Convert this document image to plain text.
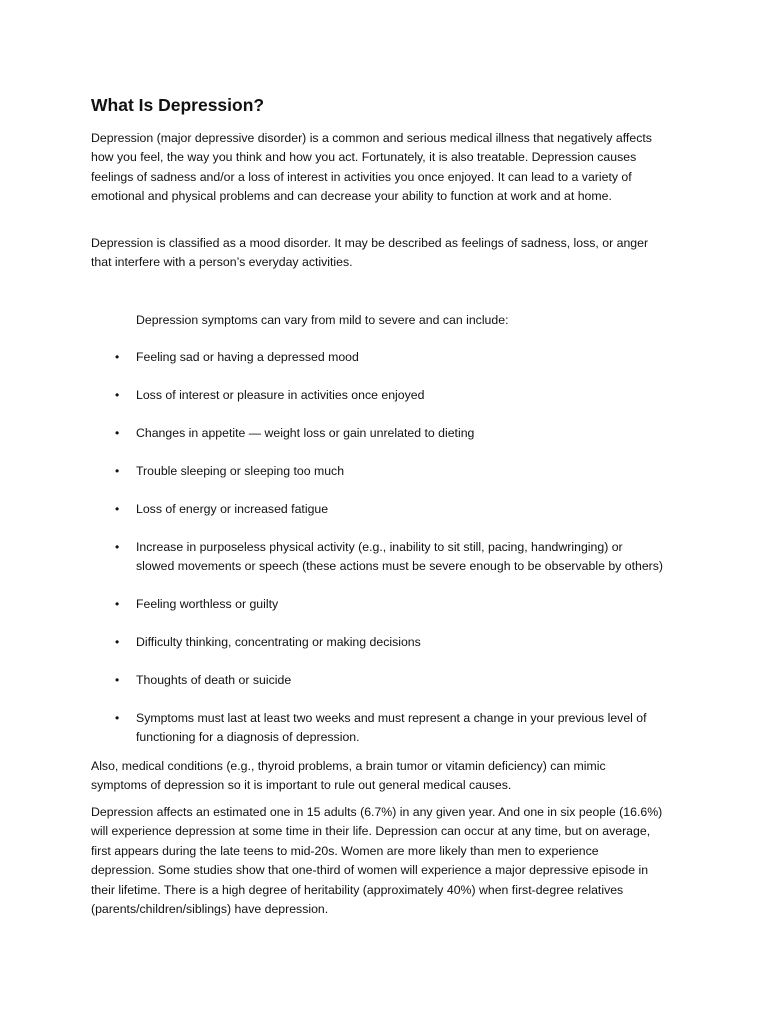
What Is Depression?

Depression (major depressive disorder) is a common and serious medical illness that negatively affects
how you feel, the way you think and how you act. Fortunately, it is also treatable. Depression causes
feelings of sadness and/or a loss of interest in activities you once enjoyed. It can lead to a variety of
emotional and physical problems and can decrease your ability to function at work and at home.

Depression is classified as a mood disorder. It may be described as feelings of sadness, loss, or anger
that interfere with a person’s everyday activities.

Depression symptoms can vary from mild to severe and can include:

•	Feeling sad or having a depressed mood
•	Loss of interest or pleasure in activities once enjoyed
•	Changes in appetite — weight loss or gain unrelated to dieting
•	Trouble sleeping or sleeping too much
•	Loss of energy or increased fatigue
•	Increase in purposeless physical activity (e.g., inability to sit still, pacing, handwringing) or
slowed movements or speech (these actions must be severe enough to be observable by others)
•	Feeling worthless or guilty
•	Difficulty thinking, concentrating or making decisions
•	Thoughts of death or suicide
•	Symptoms must last at least two weeks and must represent a change in your previous level of
functioning for a diagnosis of depression.

Also, medical conditions (e.g., thyroid problems, a brain tumor or vitamin deficiency) can mimic
symptoms of depression so it is important to rule out general medical causes.

Depression affects an estimated one in 15 adults (6.7%) in any given year. And one in six people (16.6%)
will experience depression at some time in their life. Depression can occur at any time, but on average,
first appears during the late teens to mid-20s. Women are more likely than men to experience
depression. Some studies show that one-third of women will experience a major depressive episode in
their lifetime. There is a high degree of heritability (approximately 40%) when first-degree relatives
(parents/children/siblings) have depression.
